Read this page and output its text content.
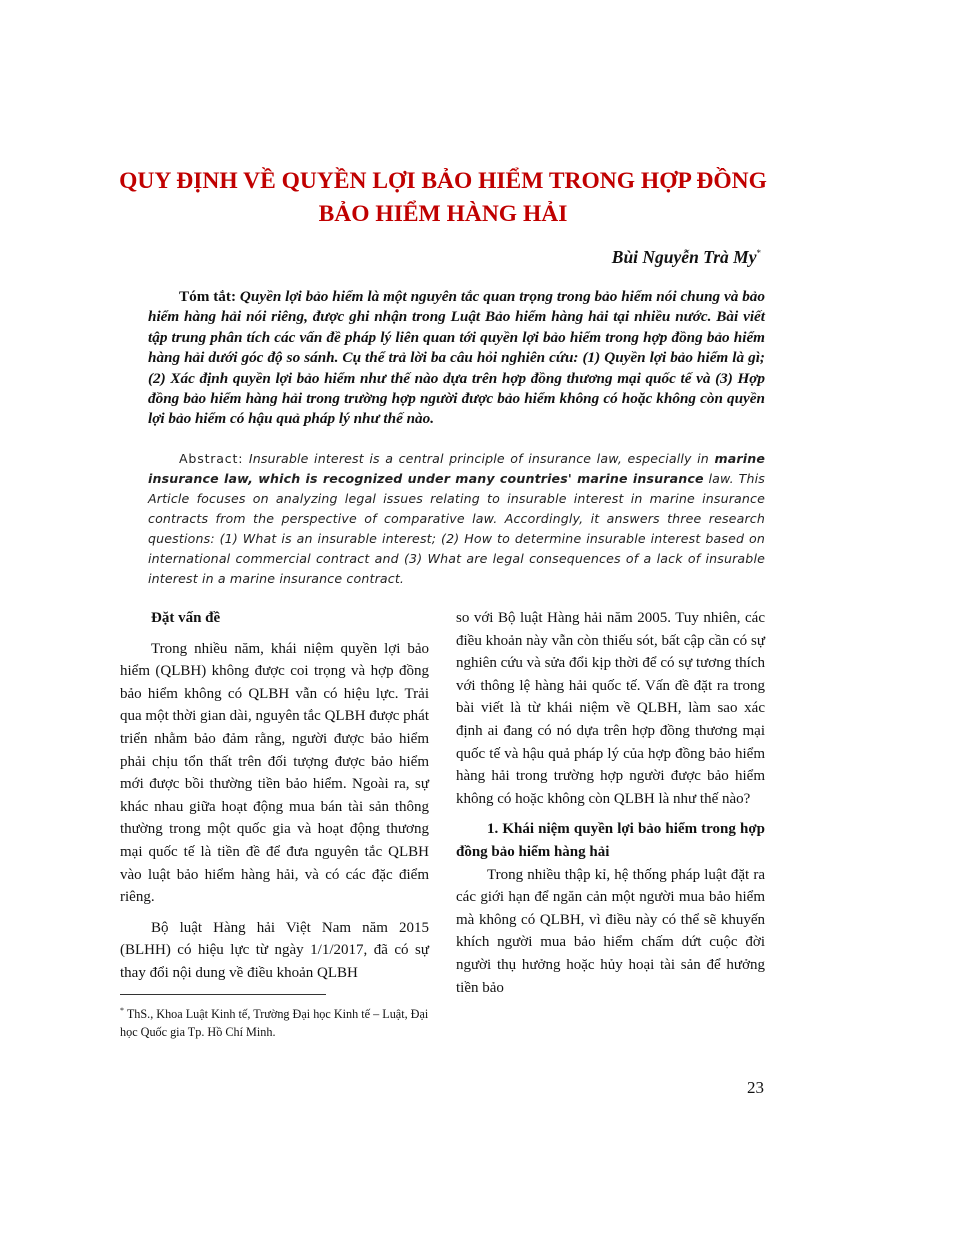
QUY ĐỊNH VỀ QUYỀN LỢI BẢO HIỂM TRONG HỢP ĐỒNG
BẢO HIỂM HÀNG HẢI
Bùi Nguyễn Trà My*

Tóm tắt: Quyền lợi bảo hiểm là một nguyên tắc quan trọng trong bảo hiểm nói chung và bảo hiểm hàng hải nói riêng, được ghi nhận trong Luật Bảo hiểm hàng hải tại nhiều nước. Bài viết tập trung phân tích các vấn đề pháp lý liên quan tới quyền lợi bảo hiểm trong hợp đồng bảo hiểm hàng hải dưới góc độ so sánh. Cụ thể trả lời ba câu hỏi nghiên cứu: (1) Quyền lợi bảo hiểm là gì; (2) Xác định quyền lợi bảo hiểm như thế nào dựa trên hợp đồng thương mại quốc tế và (3) Hợp đồng bảo hiểm hàng hải trong trường hợp người được bảo hiểm không có hoặc không còn quyền lợi bảo hiểm có hậu quả pháp lý như thế nào.

Abstract: Insurable interest is a central principle of insurance law, especially in marine insurance law, which is recognized under many countries' marine insurance law. This Article focuses on analyzing legal issues relating to insurable interest in marine insurance contracts from the perspective of comparative law. Accordingly, it answers three research questions: (1) What is an insurable interest; (2) How to determine insurable interest based on international commercial contract and (3) What are legal consequences of a lack of insurable interest in a marine insurance contract.

Đặt vấn đề

Trong nhiều năm, khái niệm quyền lợi bảo hiểm (QLBH) không được coi trọng và hợp đồng bảo hiểm không có QLBH vẫn có hiệu lực. Trải qua một thời gian dài, nguyên tắc QLBH được phát triển nhằm bảo đảm rằng, người được bảo hiểm phải chịu tổn thất trên đối tượng được bảo hiểm mới được bồi thường tiền bảo hiểm. Ngoài ra, sự khác nhau giữa hoạt động mua bán tài sản thông thường trong một quốc gia và hoạt động thương mại quốc tế là tiền đề để đưa nguyên tắc QLBH vào luật bảo hiểm hàng hải, và có các đặc điểm riêng.

Bộ luật Hàng hải Việt Nam năm 2015 (BLHH) có hiệu lực từ ngày 1/1/2017, đã có sự thay đổi nội dung về điều khoản QLBH

so với Bộ luật Hàng hải năm 2005. Tuy nhiên, các điều khoản này vẫn còn thiếu sót, bất cập cần có sự nghiên cứu và sửa đổi kịp thời để có sự tương thích với thông lệ hàng hải quốc tế. Vấn đề đặt ra trong bài viết là từ khái niệm về QLBH, làm sao xác định ai đang có nó dựa trên hợp đồng thương mại quốc tế và hậu quả pháp lý của hợp đồng bảo hiểm hàng hải trong trường hợp người được bảo hiểm không có hoặc không còn QLBH là như thế nào?

1. Khái niệm quyền lợi bảo hiểm trong hợp đồng bảo hiểm hàng hải

Trong nhiều thập kỉ, hệ thống pháp luật đặt ra các giới hạn để ngăn cản một người mua bảo hiểm mà không có QLBH, vì điều này có thể sẽ khuyến khích người mua bảo hiểm chấm dứt cuộc đời người thụ hưởng hoặc hủy hoại tài sản để hưởng tiền bảo

* ThS., Khoa Luật Kinh tế, Trường Đại học Kinh tế – Luật, Đại học Quốc gia Tp. Hồ Chí Minh.

23
